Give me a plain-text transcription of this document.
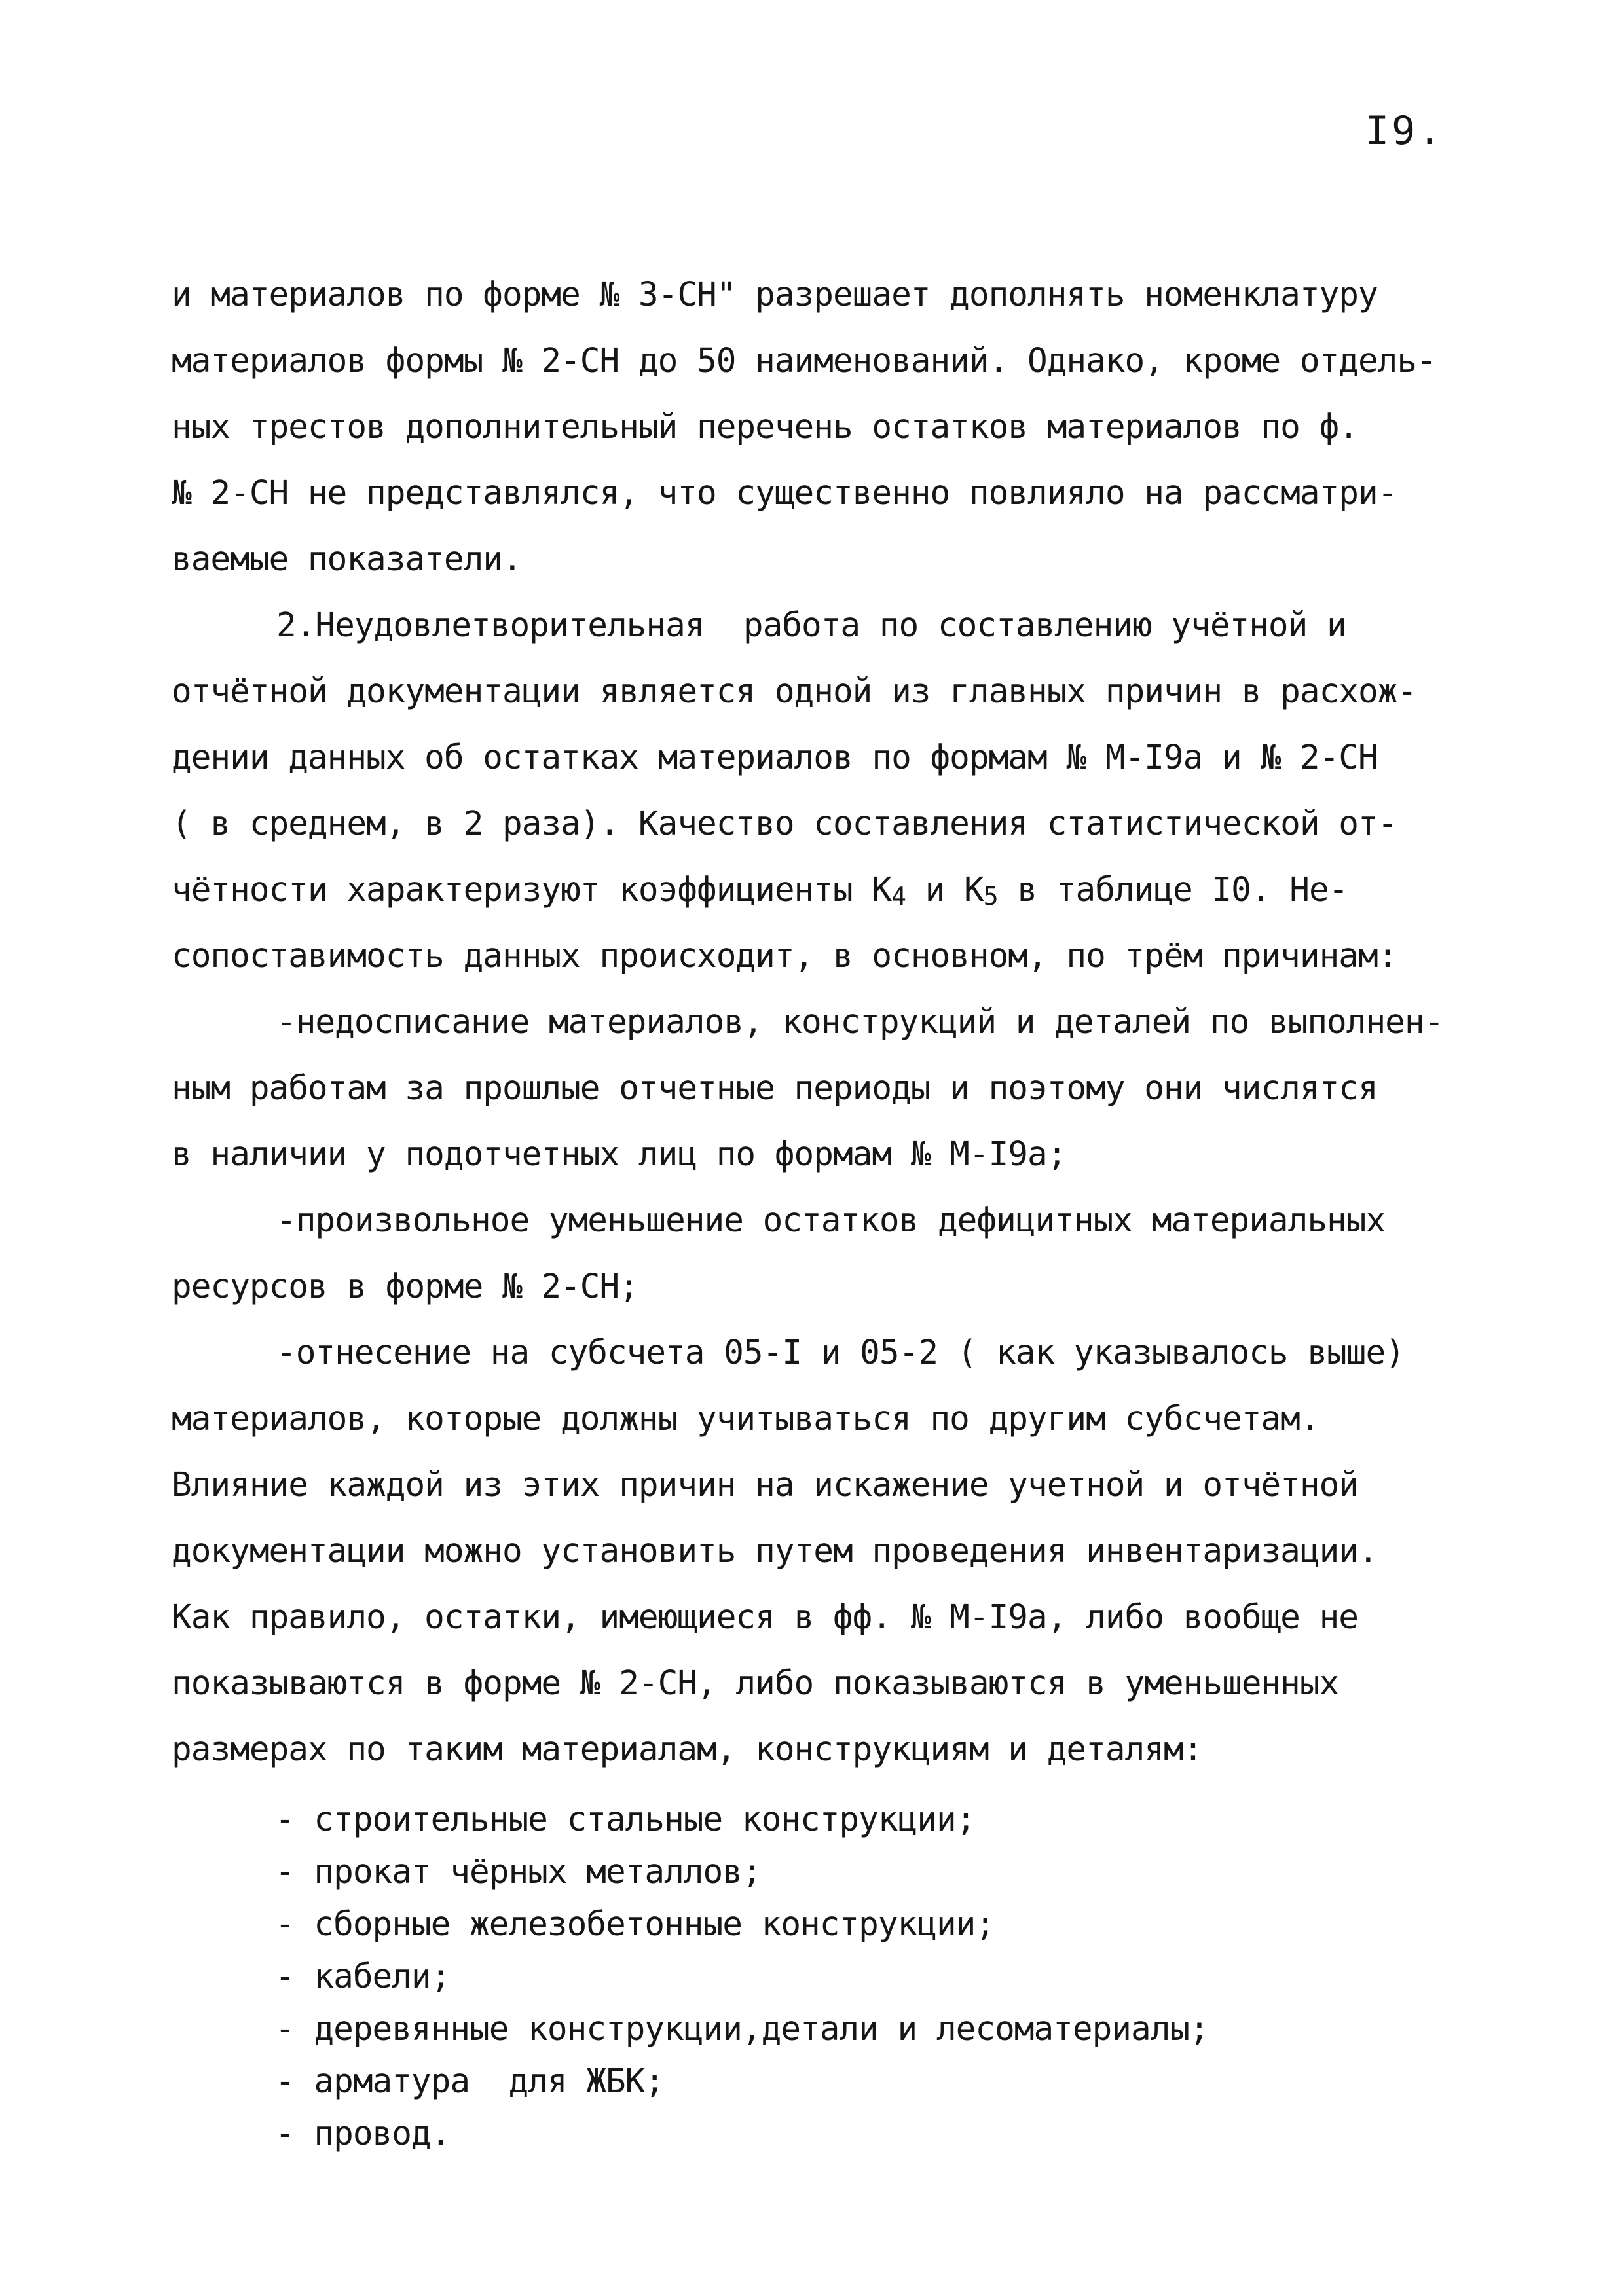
I9.
и материалов по форме № 3-СН" разрешает дополнять номенклатуру
материалов формы № 2-СН до 50 наименований. Однако, кроме отдель-
ных трестов дополнительный перечень остатков материалов по ф.
№ 2-СН не представлялся, что существенно повлияло на рассматри-
ваемые показатели.
2.Неудовлетворительная  работа по составлению учётной и
отчётной документации является одной из главных причин в расхож-
дении данных об остатках материалов по формам № М-I9а и № 2-СН
( в среднем, в 2 раза). Качество составления статистической от-
чётности характеризуют коэффициенты $К_4$ и $К_5$ в таблице I0. Не-
сопоставимость данных происходит, в основном, по трём причинам:
-недосписание материалов, конструкций и деталей по выполнен-
ным работам за прошлые отчетные периоды и поэтому они числятся
в наличии у подотчетных лиц по формам № М-I9а;
-произвольное уменьшение остатков дефицитных материальных
ресурсов в форме № 2-СН;
-отнесение на субсчета 05-I и 05-2 ( как указывалось выше)
материалов, которые должны учитываться по другим субсчетам.
Влияние каждой из этих причин на искажение учетной и отчётной
документации можно установить путем проведения инвентаризации.
Как правило, остатки, имеющиеся в фф. № М-I9а, либо вообще не
показываются в форме № 2-СН, либо показываются в уменьшенных
размерах по таким материалам, конструкциям и деталям:
- строительные стальные конструкции;
- прокат чёрных металлов;
- сборные железобетонные конструкции;
- кабели;
- деревянные конструкции,детали и лесоматериалы;
- арматура  для ЖБК;
- провод.
